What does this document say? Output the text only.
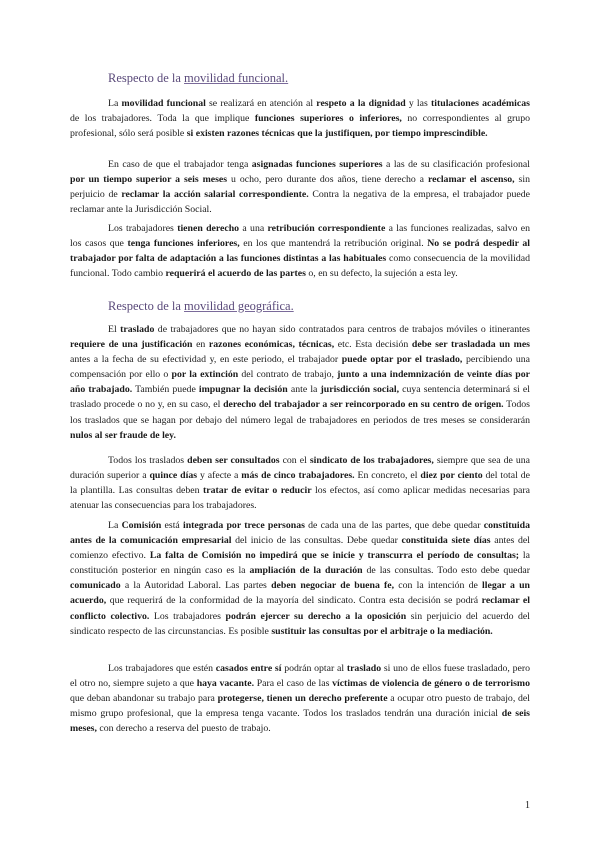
Respecto de la movilidad funcional.

La movilidad funcional se realizará en atención al respeto a la dignidad y las titulaciones académicas de los trabajadores. Toda la que implique funciones superiores o inferiores, no correspondientes al grupo profesional, sólo será posible si existen razones técnicas que la justifiquen, por tiempo imprescindible.

En caso de que el trabajador tenga asignadas funciones superiores a las de su clasificación profesional por un tiempo superior a seis meses u ocho, pero durante dos años, tiene derecho a reclamar el ascenso, sin perjuicio de reclamar la acción salarial correspondiente. Contra la negativa de la empresa, el trabajador puede reclamar ante la Jurisdicción Social.

Los trabajadores tienen derecho a una retribución correspondiente a las funciones realizadas, salvo en los casos que tenga funciones inferiores, en los que mantendrá la retribución original. No se podrá despedir al trabajador por falta de adaptación a las funciones distintas a las habituales como consecuencia de la movilidad funcional. Todo cambio requerirá el acuerdo de las partes o, en su defecto, la sujeción a esta ley.

Respecto de la movilidad geográfica.

El traslado de trabajadores que no hayan sido contratados para centros de trabajos móviles o itinerantes requiere de una justificación en razones económicas, técnicas, etc. Esta decisión debe ser trasladada un mes antes a la fecha de su efectividad y, en este periodo, el trabajador puede optar por el traslado, percibiendo una compensación por ello o por la extinción del contrato de trabajo, junto a una indemnización de veinte días por año trabajado. También puede impugnar la decisión ante la jurisdicción social, cuya sentencia determinará si el traslado procede o no y, en su caso, el derecho del trabajador a ser reincorporado en su centro de origen. Todos los traslados que se hagan por debajo del número legal de trabajadores en periodos de tres meses se considerarán nulos al ser fraude de ley.

Todos los traslados deben ser consultados con el sindicato de los trabajadores, siempre que sea de una duración superior a quince días y afecte a más de cinco trabajadores. En concreto, el diez por ciento del total de la plantilla. Las consultas deben tratar de evitar o reducir los efectos, así como aplicar medidas necesarias para atenuar las consecuencias para los trabajadores.

La Comisión está integrada por trece personas de cada una de las partes, que debe quedar constituida antes de la comunicación empresarial del inicio de las consultas. Debe quedar constituida siete días antes del comienzo efectivo. La falta de Comisión no impedirá que se inicie y transcurra el período de consultas; la constitución posterior en ningún caso es la ampliación de la duración de las consultas. Todo esto debe quedar comunicado a la Autoridad Laboral. Las partes deben negociar de buena fe, con la intención de llegar a un acuerdo, que requerirá de la conformidad de la mayoría del sindicato. Contra esta decisión se podrá reclamar el conflicto colectivo. Los trabajadores podrán ejercer su derecho a la oposición sin perjuicio del acuerdo del sindicato respecto de las circunstancias. Es posible sustituir las consultas por el arbitraje o la mediación.

Los trabajadores que estén casados entre sí podrán optar al traslado si uno de ellos fuese trasladado, pero el otro no, siempre sujeto a que haya vacante. Para el caso de las víctimas de violencia de género o de terrorismo que deban abandonar su trabajo para protegerse, tienen un derecho preferente a ocupar otro puesto de trabajo, del mismo grupo profesional, que la empresa tenga vacante. Todos los traslados tendrán una duración inicial de seis meses, con derecho a reserva del puesto de trabajo.

1
